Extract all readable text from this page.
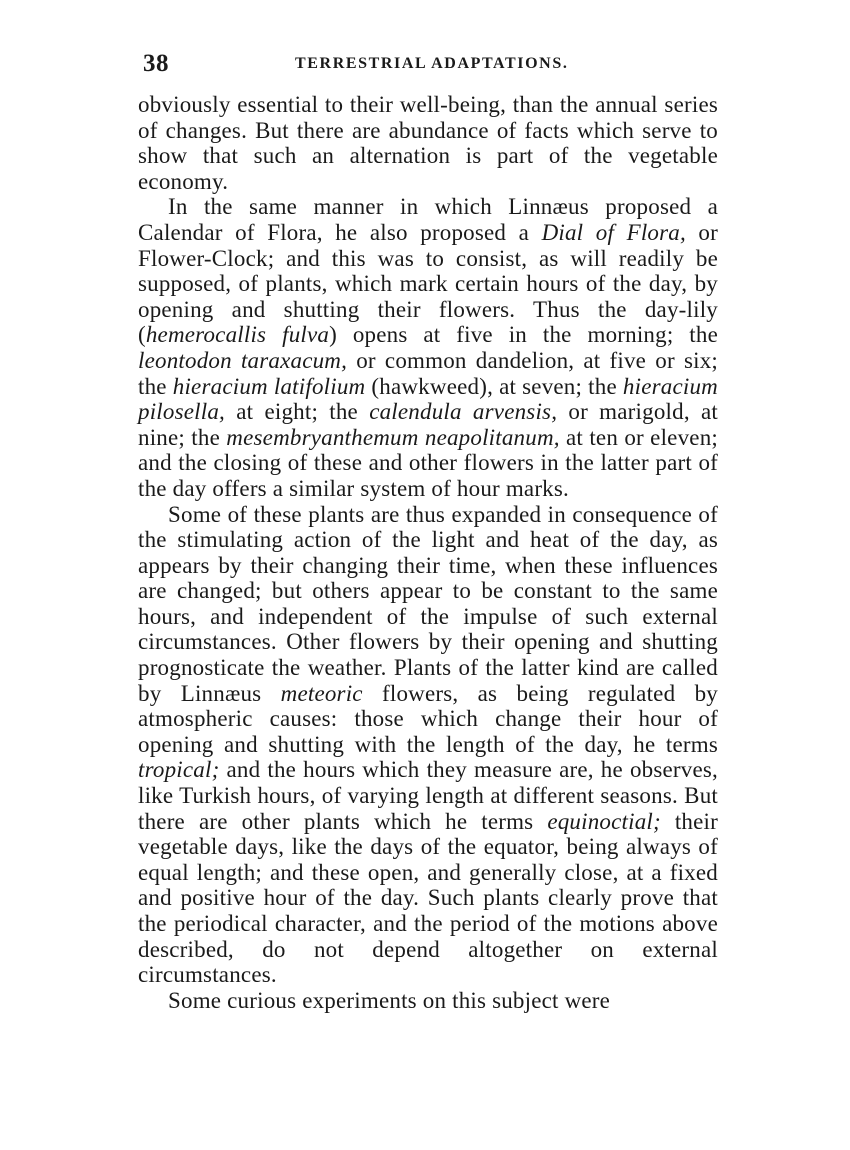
38	TERRESTRIAL ADAPTATIONS.

obviously essential to their well-being, than the annual series of changes. But there are abundance of facts which serve to show that such an alternation is part of the vegetable economy.

In the same manner in which Linnæus proposed a Calendar of Flora, he also proposed a Dial of Flora, or Flower-Clock; and this was to consist, as will readily be supposed, of plants, which mark certain hours of the day, by opening and shutting their flowers. Thus the day-lily (hemerocallis fulva) opens at five in the morning; the leontodon taraxacum, or common dandelion, at five or six; the hieracium latifolium (hawkweed), at seven; the hieracium pilosella, at eight; the calendula arvensis, or marigold, at nine; the mesembryanthemum neapolitanum, at ten or eleven; and the closing of these and other flowers in the latter part of the day offers a similar system of hour marks.

Some of these plants are thus expanded in consequence of the stimulating action of the light and heat of the day, as appears by their changing their time, when these influences are changed; but others appear to be constant to the same hours, and independent of the impulse of such external circumstances. Other flowers by their opening and shutting prognosticate the weather. Plants of the latter kind are called by Linnæus meteoric flowers, as being regulated by atmospheric causes: those which change their hour of opening and shutting with the length of the day, he terms tropical; and the hours which they measure are, he observes, like Turkish hours, of varying length at different seasons. But there are other plants which he terms equinoctial; their vegetable days, like the days of the equator, being always of equal length; and these open, and generally close, at a fixed and positive hour of the day. Such plants clearly prove that the periodical character, and the period of the motions above described, do not depend altogether on external circumstances.

Some curious experiments on this subject were
